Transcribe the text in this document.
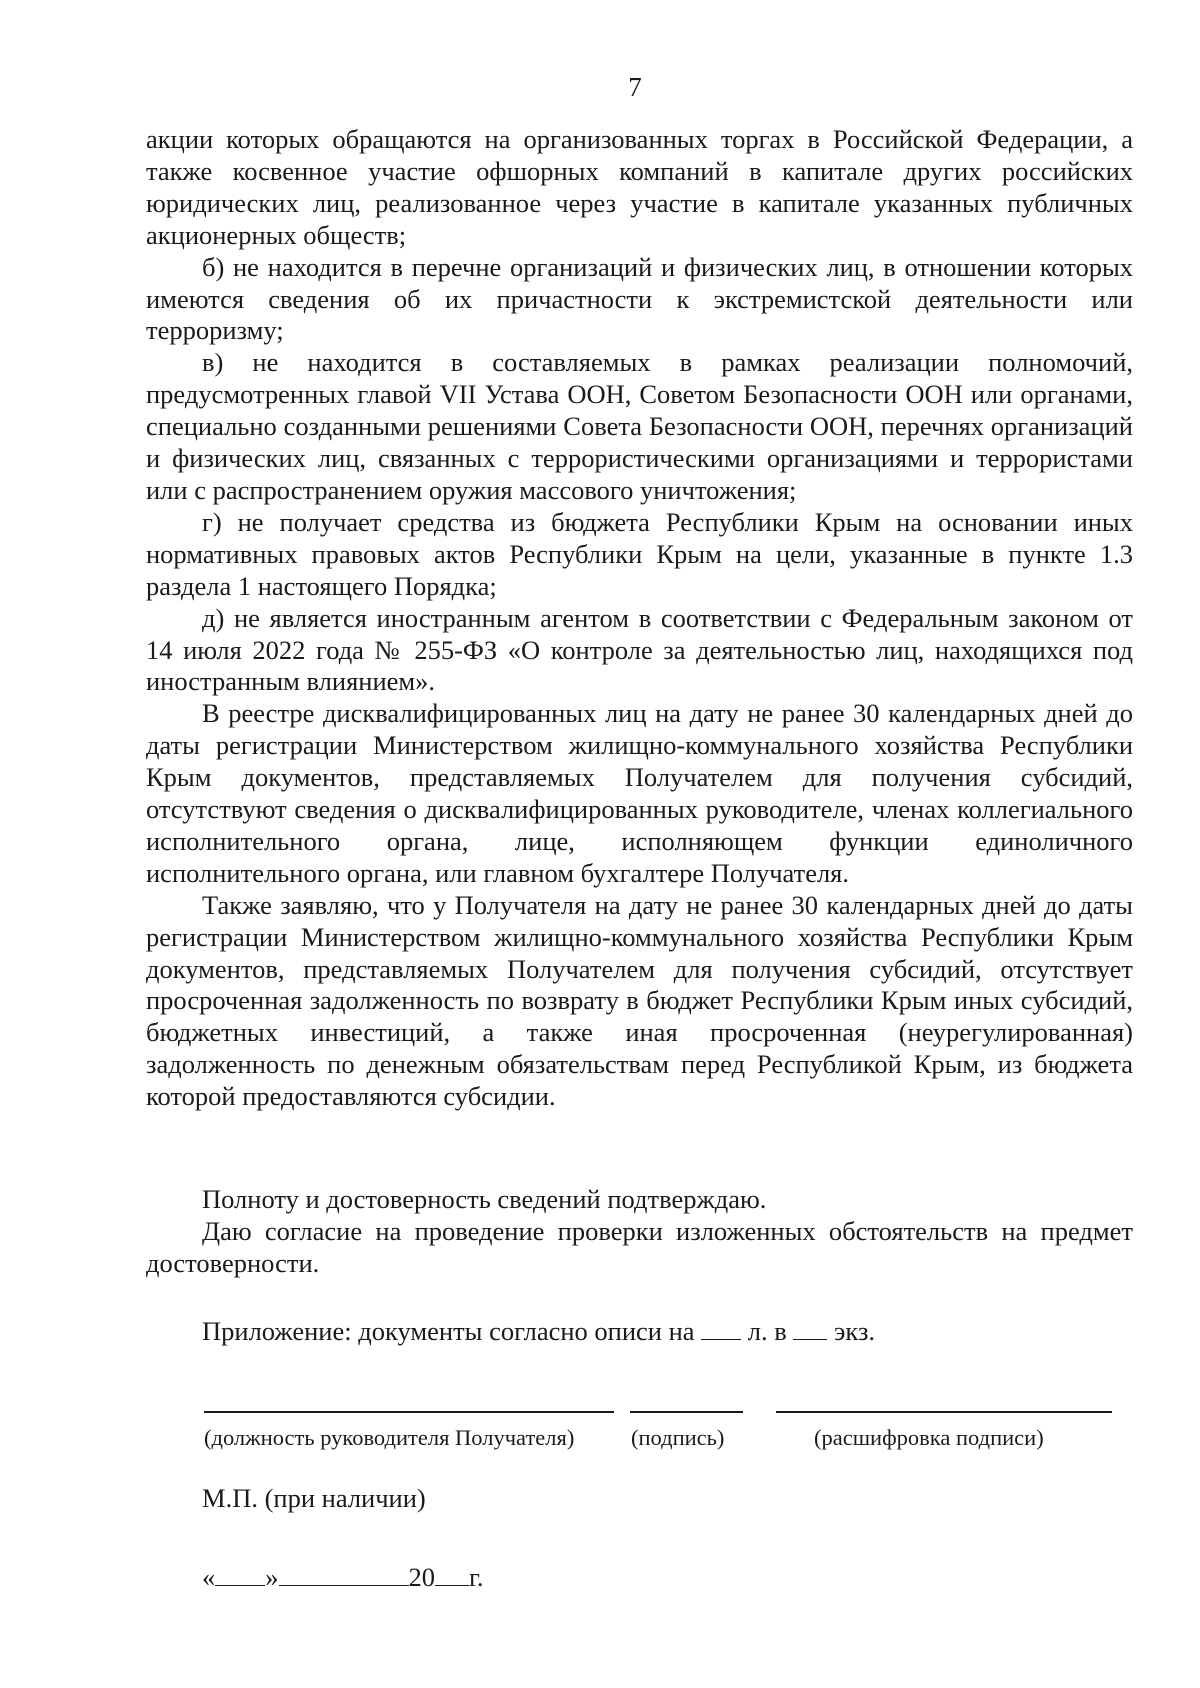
7

акции которых обращаются на организованных торгах в Российской Федерации, а также косвенное участие офшорных компаний в капитале других российских юридических лиц, реализованное через участие в капитале указанных публичных акционерных обществ;

б) не находится в перечне организаций и физических лиц, в отношении которых имеются сведения об их причастности к экстремистской деятельности или терроризму;

в) не находится в составляемых в рамках реализации полномочий, предусмотренных главой VII Устава ООН, Советом Безопасности ООН или органами, специально созданными решениями Совета Безопасности ООН, перечнях организаций и физических лиц, связанных с террористическими организациями и террористами или с распространением оружия массового уничтожения;

г) не получает средства из бюджета Республики Крым на основании иных нормативных правовых актов Республики Крым на цели, указанные в пункте 1.3 раздела 1 настоящего Порядка;

д) не является иностранным агентом в соответствии с Федеральным законом от 14 июля 2022 года № 255-ФЗ «О контроле за деятельностью лиц, находящихся под иностранным влиянием».

В реестре дисквалифицированных лиц на дату не ранее 30 календарных дней до даты регистрации Министерством жилищно-коммунального хозяйства Республики Крым документов, представляемых Получателем для получения субсидий, отсутствуют сведения о дисквалифицированных руководителе, членах коллегиального исполнительного органа, лице, исполняющем функции единоличного исполнительного органа, или главном бухгалтере Получателя.

Также заявляю, что у Получателя на дату не ранее 30 календарных дней до даты регистрации Министерством жилищно-коммунального хозяйства Республики Крым документов, представляемых Получателем для получения субсидий, отсутствует просроченная задолженность по возврату в бюджет Республики Крым иных субсидий, бюджетных инвестиций, а также иная просроченная (неурегулированная) задолженность по денежным обязательствам перед Республикой Крым, из бюджета которой предоставляются субсидии.

Полноту и достоверность сведений подтверждаю.

Даю согласие на проведение проверки изложенных обстоятельств на предмет достоверности.

Приложение: документы согласно описи на л. в экз.
(должность руководителя Получателя)	(подпись)	(расшифровка подписи)
М.П. (при наличии)
« »	20 г.
